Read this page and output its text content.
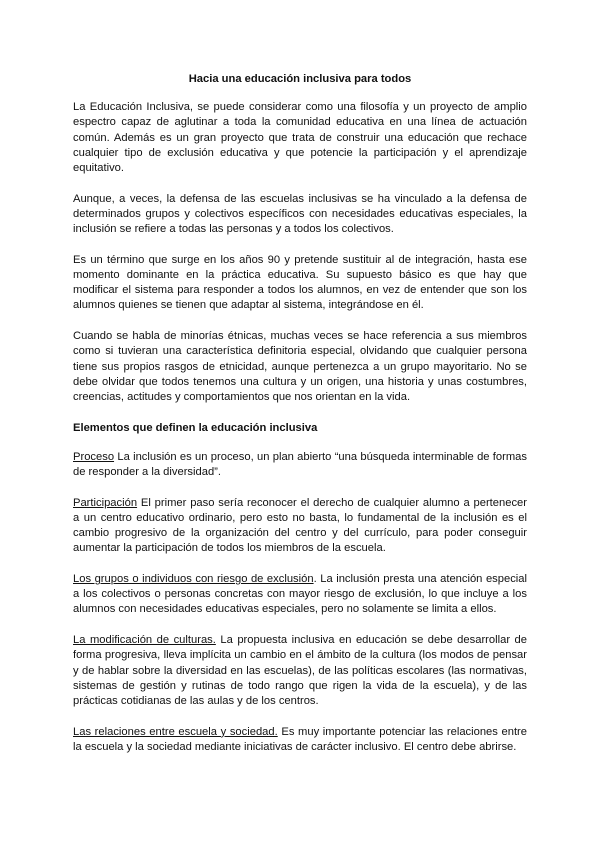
Hacia una educación inclusiva para todos

La Educación Inclusiva, se puede considerar como una filosofía y un proyecto de amplio espectro capaz de aglutinar a toda la comunidad educativa en una línea de actuación común. Además es un gran proyecto que trata de construir una educación que rechace cualquier tipo de exclusión educativa y que potencie la participación y el aprendizaje equitativo.

Aunque, a veces, la defensa de las escuelas inclusivas se ha vinculado a la defensa de determinados grupos y colectivos específicos con necesidades educativas especiales, la inclusión se refiere a todas las personas y a todos los colectivos.

Es un término que surge en los años 90 y pretende sustituir al de integración, hasta ese momento dominante en la práctica educativa. Su supuesto básico es que hay que modificar el sistema para responder a todos los alumnos, en vez de entender que son los alumnos quienes se tienen que adaptar al sistema, integrándose en él.

Cuando se habla de minorías étnicas, muchas veces se hace referencia a sus miembros como si tuvieran una característica definitoria especial, olvidando que cualquier persona tiene sus propios rasgos de etnicidad, aunque pertenezca a un grupo mayoritario. No se debe olvidar que todos tenemos una cultura y un origen, una historia y unas costumbres, creencias, actitudes y comportamientos que nos orientan en la vida.

Elementos que definen la educación inclusiva

Proceso La inclusión es un proceso, un plan abierto “una búsqueda interminable de formas de responder a la diversidad”.

Participación El primer paso sería reconocer el derecho de cualquier alumno a pertenecer a un centro educativo ordinario, pero esto no basta, lo fundamental de la inclusión es el cambio progresivo de la organización del centro y del currículo, para poder conseguir aumentar la participación de todos los miembros de la escuela.

Los grupos o individuos con riesgo de exclusión. La inclusión presta una atención especial a los colectivos o personas concretas con mayor riesgo de exclusión, lo que incluye a los alumnos con necesidades educativas especiales, pero no solamente se limita a ellos.

La modificación de culturas. La propuesta inclusiva en educación se debe desarrollar de forma progresiva, lleva implícita un cambio en el ámbito de la cultura (los modos de pensar y de hablar sobre la diversidad en las escuelas), de las políticas escolares (las normativas, sistemas de gestión y rutinas de todo rango que rigen la vida de la escuela), y de las prácticas cotidianas de las aulas y de los centros.

Las relaciones entre escuela y sociedad. Es muy importante potenciar las relaciones entre la escuela y la sociedad mediante iniciativas de carácter inclusivo. El centro debe abrirse.
